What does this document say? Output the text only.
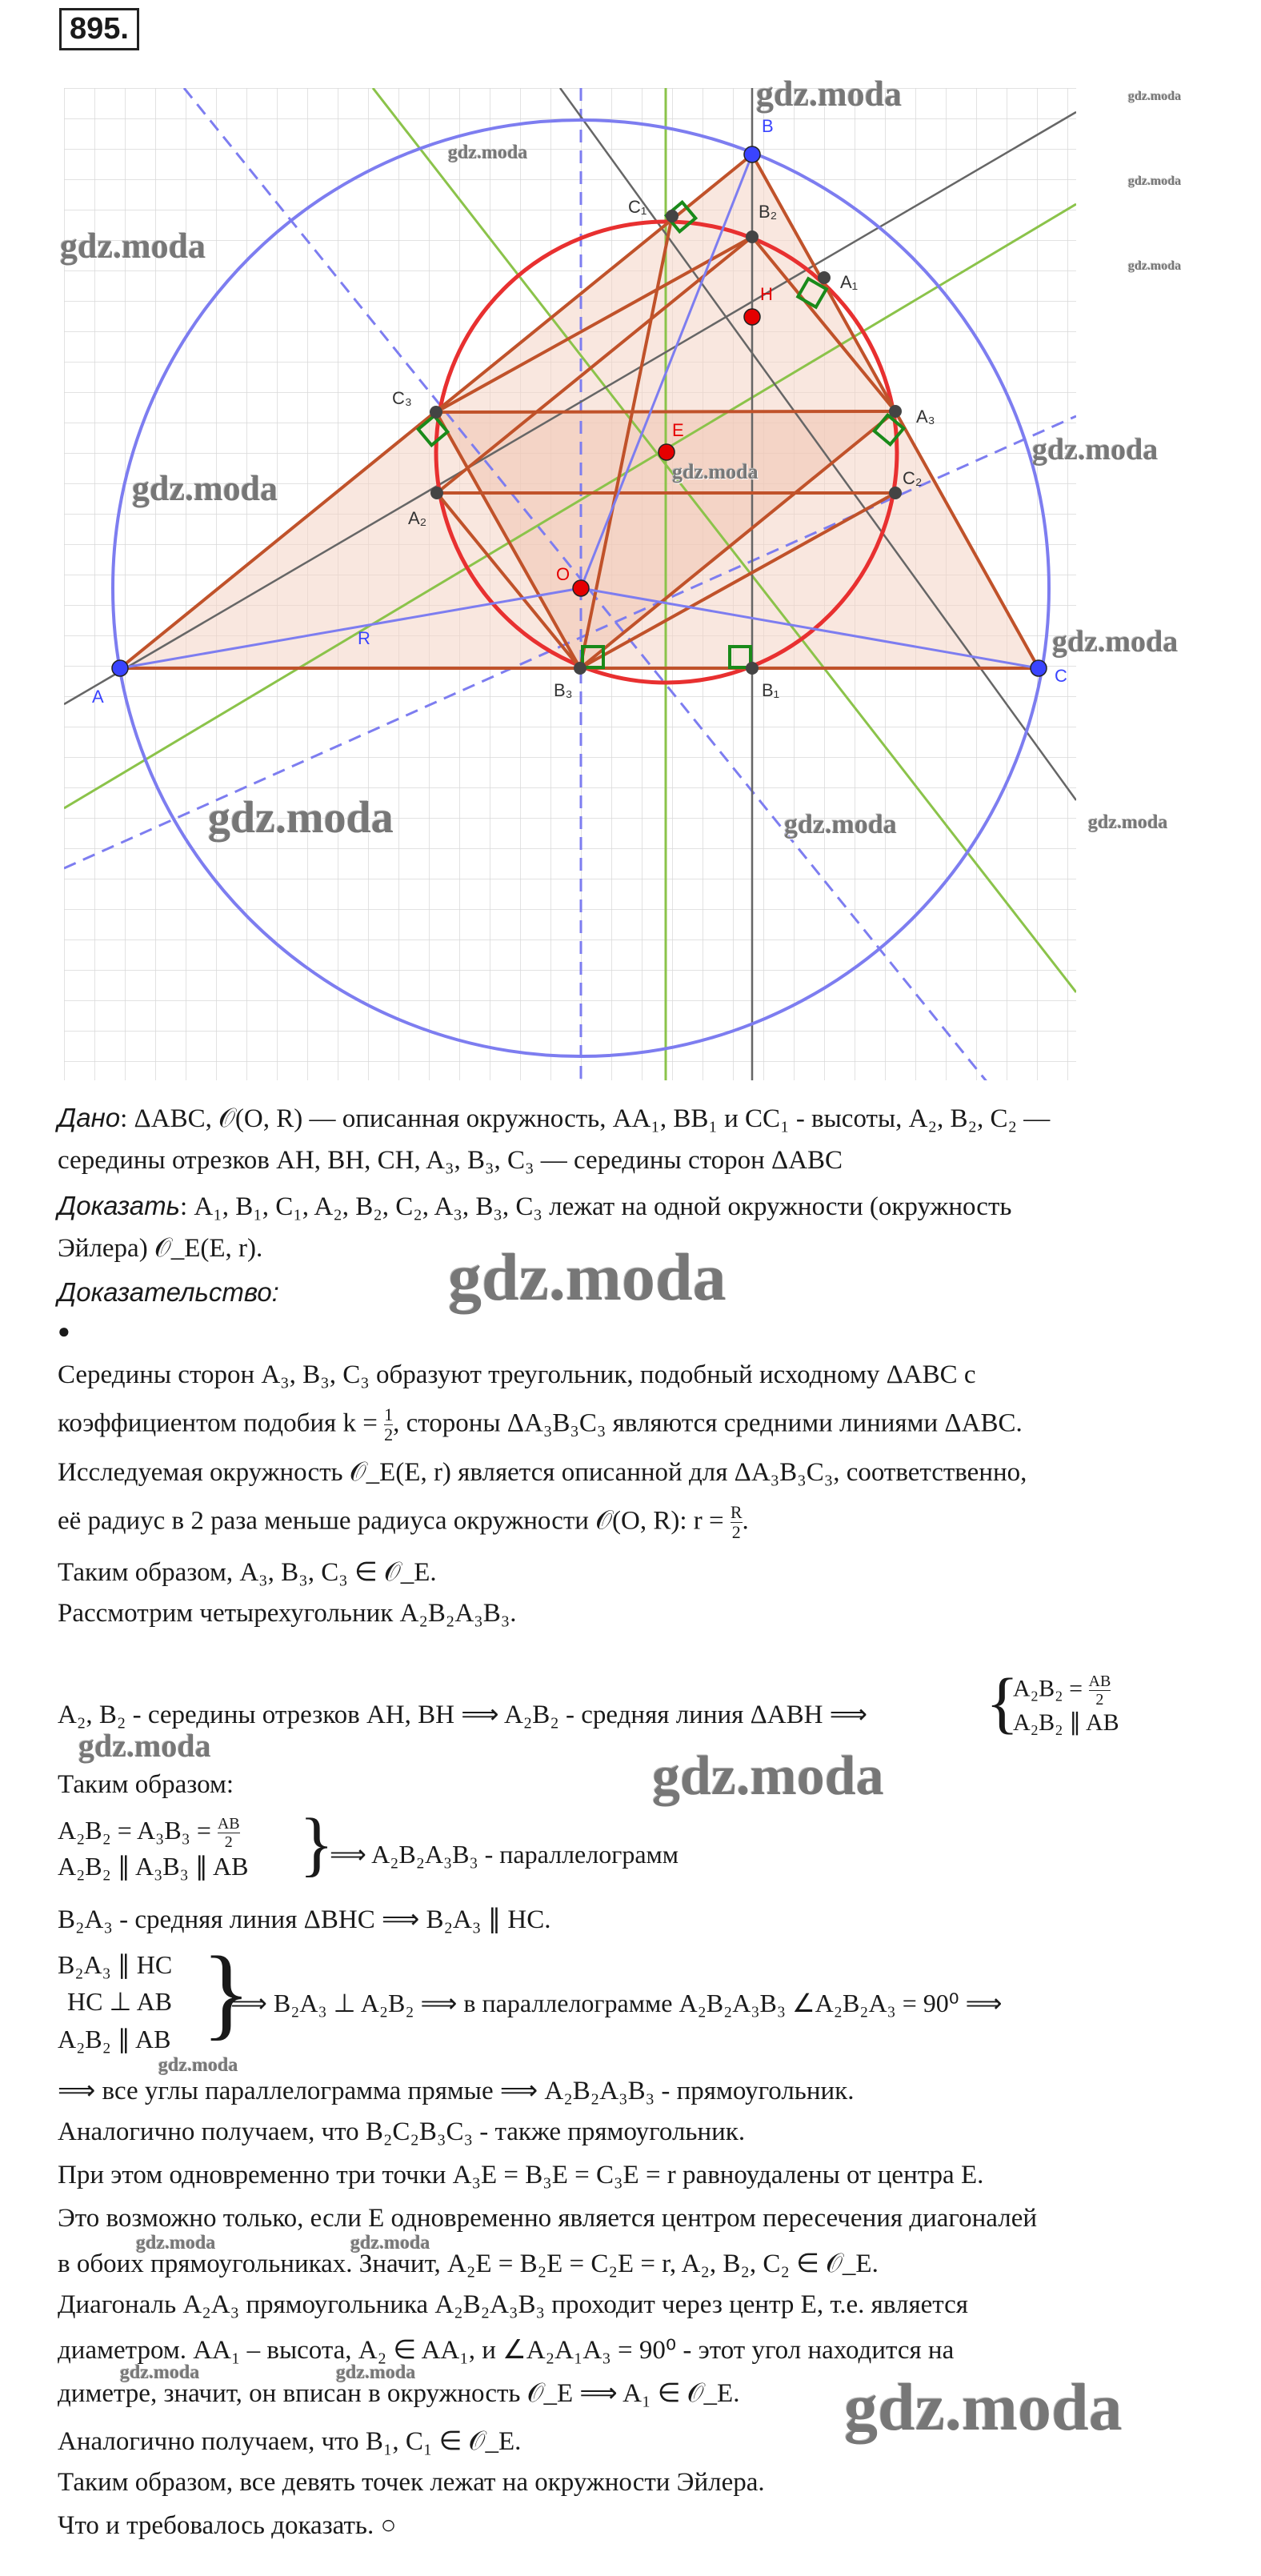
A
B
C
O
H
E
R
C₁	B₂
A₁
C₃
A₃
A₂
C₂
B₃	B₁
895.
gdz.moda
gdz.moda
gdz.moda
gdz.moda
gdz.moda
gdz.moda
gdz.moda
gdz.moda	gdz.moda
gdz.moda
gdz.moda	gdz.moda	gdz.moda
gdz.moda
gdz.moda	gdz.moda
gdz.moda
gdz.moda	gdz.moda
gdz.moda	gdz.moda	gdz.moda
Дано: ΔABC, 𝒪(O, R) — описанная окружность, AA₁, BB₁ и CC₁ - высоты, A₂, B₂, C₂ —
середины отрезков AH, BH, CH, A₃, B₃, C₃ — середины сторон ΔABC
Доказать: A₁, B₁, C₁, A₂, B₂, C₂, A₃, B₃, C₃ лежат на одной окружности (окружность
Эйлера) 𝒪_E(E, r).
Доказательство:
●
Середины сторон A₃, B₃, C₃ образуют треугольник, подобный исходному ΔABC с
коэффициентом подобия $k = \frac{1}{2}$ , стороны ΔA₃B₃C₃ являются средними линиями ΔABC.
Исследуемая окружность 𝒪_E(E, r) является описанной для ΔA₃B₃C₃, соответственно,
её радиус в 2 раза меньше радиуса окружности 𝒪(O, R): $r = \frac{R}{2}$ .
Таким образом, A₃, B₃, C₃ ∈ 𝒪_E.
Рассмотрим четырехугольник A₂B₂A₃B₃.
A₂, B₂ - середины отрезков AH, BH ⟹ A₂B₂ - средняя линия ΔABH ⟹ {
$A_2B_2 = \frac{AB}{2}$
A₂B₂ ∥ AB
Таким образом:
$A_2B_2 = A_3B_3 = \frac{AB}{2}$
A₂B₂ ∥ A₃B₃ ∥ AB }
⟹ A₂B₂A₃B₃ - параллелограмм
B₂A₃ - средняя линия ΔBHC ⟹ B₂A₃ ∥ HC.
B₂A₃ ∥ HC
HC ⊥ AB
A₂B₂ ∥ AB }
⟹ B₂A₃ ⊥ A₂B₂ ⟹ в параллелограмме A₂B₂A₃B₃ ∠A₂B₂A₃ = 90⁰ ⟹
⟹ все углы параллелограмма прямые ⟹ A₂B₂A₃B₃ - прямоугольник.
Аналогично получаем, что B₂C₂B₃C₃ - также прямоугольник.
При этом одновременно три точки A₃E = B₃E = C₃E = r равноудалены от центра E.
Это возможно только, если E одновременно является центром пересечения диагоналей
в обоих прямоугольниках. Значит, A₂E = B₂E = C₂E = r, A₂, B₂, C₂ ∈ 𝒪_E.
Диагональ A₂A₃ прямоугольника A₂B₂A₃B₃ проходит через центр E, т.е. является
диаметром. AA₁ – высота, A₂ ∈ AA₁, и ∠A₂A₁A₃ = 90⁰ - этот угол находится на
диметре, значит, он вписан в окружность 𝒪_E ⟹ A₁ ∈ 𝒪_E.
Аналогично получаем, что B₁, C₁ ∈ 𝒪_E.
Таким образом, все девять точек лежат на окружности Эйлера.
Что и требовалось доказать. ○
